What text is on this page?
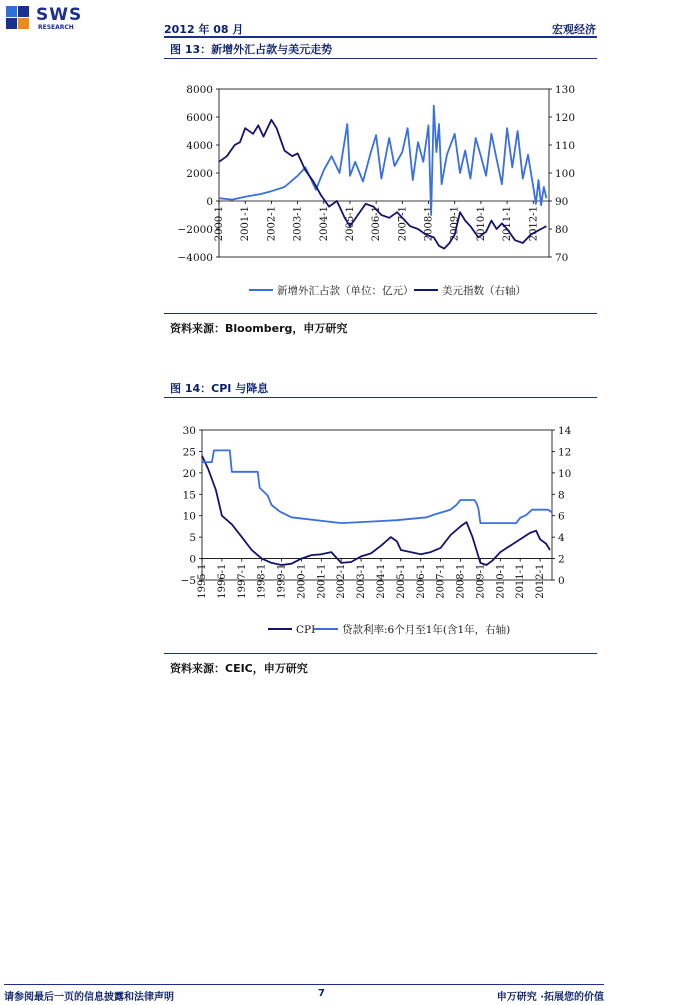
SWS
RESEARCH	2012 年 08 月	宏观经济
图 13：新增外汇占款与美元走势
8000
6000
4000
2000
0
−2000
−4000
130
120
110
100
90
80
70
2000-1 2001-1 2002-1 2003-1 2004-1 2005-1 2006-1 2007-1 2008-1 2009-1 2010-1 2011-1 2012-1
新增外汇占款（单位：亿元）	美元指数（右轴）
资料来源：Bloomberg，申万研究
图 14：CPI 与降息
30
25
20
15
10
5
0
−5
14
12
10
8
6
4
2
0
1995-1 1996-1 1997-1 1998-1 1999-1 2000-1 2001-1 2002-1 2003-1 2004-1 2005-1 2006-1 2007-1 2008-1 2009-1 2010-1 2011-1 2012-1
CPI	贷款利率:6个月至1年(含1年，右轴)
资料来源：CEIC，申万研究
请参阅最后一页的信息披露和法律声明	7	申万研究 ·拓展您的价值
